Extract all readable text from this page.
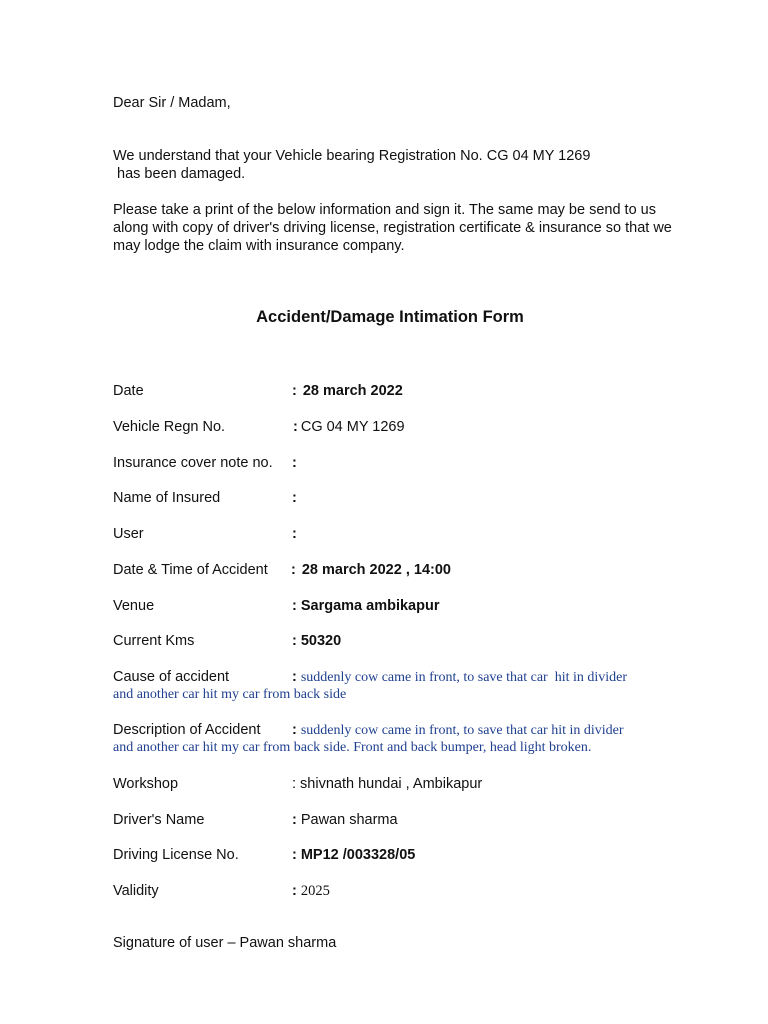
Dear Sir / Madam,
We understand that your Vehicle bearing Registration No. CG 04 MY 1269
has been damaged.
Please take a print of the below information and sign it. The same may be send to us along with copy of driver's driving license, registration certificate & insurance so that we may lodge the claim with insurance company.
Accident/Damage Intimation Form
Date	: 28 march 2022
Vehicle Regn No.	: CG 04 MY 1269
Insurance cover note no. :
Name of Insured	:
User	:
Date & Time of Accident : 28 march 2022 , 14:00
Venue	: Sargama ambikapur
Current Kms	: 50320
Cause of accident	: suddenly cow came in front, to save that car  hit in divider
and another car hit my car from back side
Description of Accident : suddenly cow came in front, to save that car hit in divider
and another car hit my car from back side. Front and back bumper, head light broken.
Workshop	: shivnath hundai , Ambikapur
Driver's Name	: Pawan sharma
Driving License No.	: MP12 /003328/05
Validity	: 2025
Signature of user – Pawan sharma
